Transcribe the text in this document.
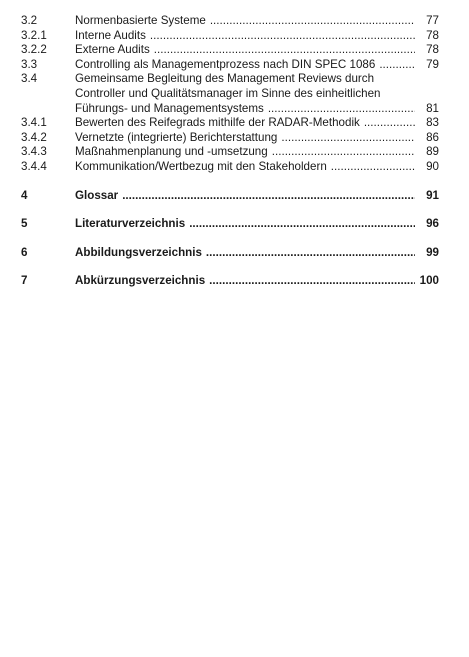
3.2	Normenbasierte Systeme . . .	77
3.2.1	Interne Audits . . .	78
3.2.2	Externe Audits . . .	78
3.3	Controlling als Managementprozess nach DIN SPEC 1086 . . .	79
3.4	Gemeinsame Begleitung des Management Reviews durch
Controller und Qualitätsmanager im Sinne des einheitlichen
Führungs- und Managementsystems . . .	81
3.4.1	Bewerten des Reifegrads mithilfe der RADAR-Methodik . . .	83
3.4.2	Vernetzte (integrierte) Berichterstattung . . .	86
3.4.3	Maßnahmenplanung und -umsetzung . . .	89
3.4.4	Kommunikation/Wertbezug mit den Stakeholdern . . .	90
4	Glossar . . .	91
5	Literaturverzeichnis . . .	96
6	Abbildungsverzeichnis . . .	99
7	Abkürzungsverzeichnis . . .	100
